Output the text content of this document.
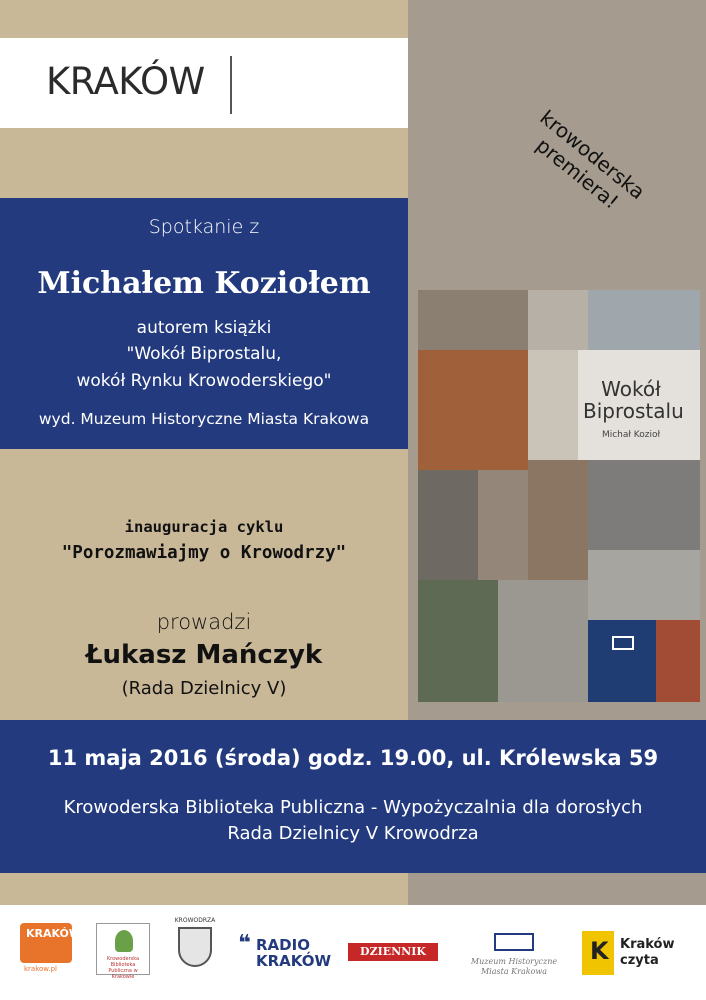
KRAKÓW
krowoderska premiera!
Spotkanie z
Michałem Koziołem
autorem książki
"Wokół Biprostalu,
wokół Rynku Krowoderskiego"
wyd. Muzeum Historyczne Miasta Krakowa
inauguracja cyklu
"Porozmawiajmy o Krowodrzy"
prowadzi
Łukasz Mańczyk
(Rada Dzielnicy V)
Wokół Biprostalu
Michał Kozioł
11 maja 2016 (środa) godz. 19.00, ul. Królewska 59
Krowoderska Biblioteka Publiczna - Wypożyczalnia dla dorosłych
Rada Dzielnicy V Krowodrza
KRAKÓW
krakow.pl
Krowoderska Biblioteka Publiczna w Krakowie
KROWODRZA
❝ RADIO KRAKÓW
DZIENNIK POLSKI
Muzeum Historyczne Miasta Krakowa
K Kraków czyta
